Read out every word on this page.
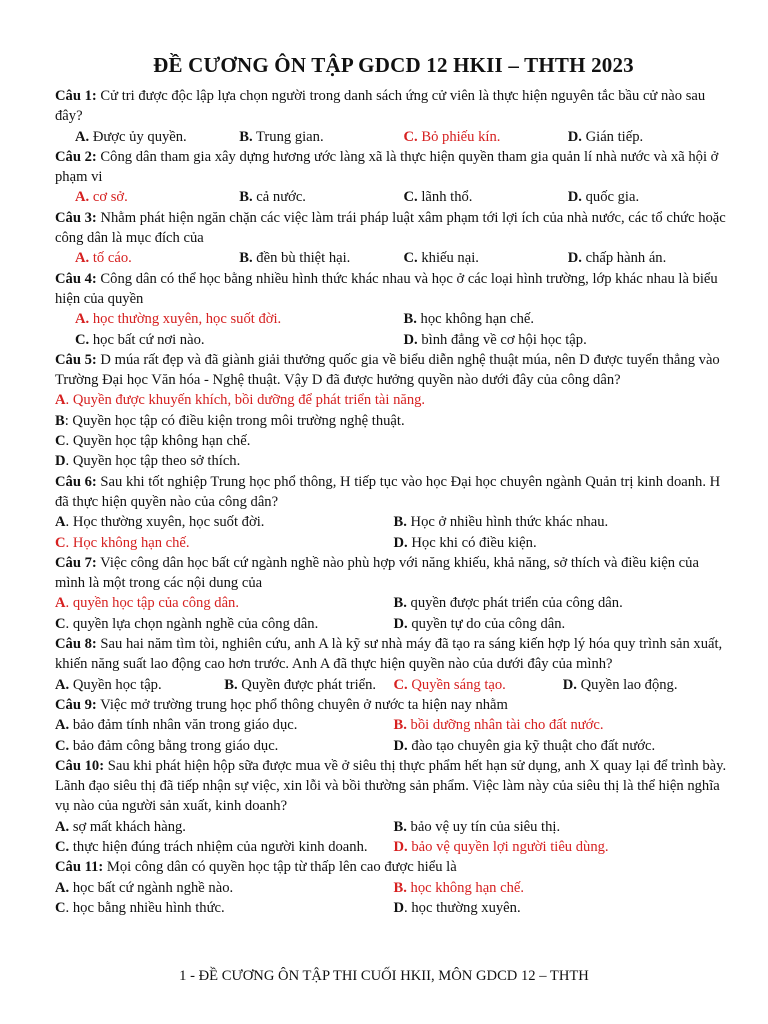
ĐỀ CƯƠNG ÔN TẬP GDCD 12 HKII – THTH 2023

Câu 1: Cử tri được độc lập lựa chọn người trong danh sách ứng cử viên là thực hiện nguyên tắc bầu cử nào sau đây?

A. Được ủy quyền.	B. Trung gian.	C. Bỏ phiếu kín.	D. Gián tiếp.

Câu 2: Công dân tham gia xây dựng hương ước làng xã là thực hiện quyền tham gia quản lí nhà nước và xã hội ở phạm vi

A. cơ sở.	B. cả nước.	C. lãnh thổ.	D. quốc gia.

Câu 3: Nhằm phát hiện ngăn chặn các việc làm trái pháp luật xâm phạm tới lợi ích của nhà nước, các tổ chức hoặc công dân là mục đích của

A. tố cáo.	B. đền bù thiệt hại.	C. khiếu nại.	D. chấp hành án.

Câu 4: Công dân có thể học bằng nhiều hình thức khác nhau và học ở các loại hình trường, lớp khác nhau là biểu hiện của quyền

A. học thường xuyên, học suốt đời.	B. học không hạn chế.
C. học bất cứ nơi nào.	D. bình đẳng về cơ hội học tập.

Câu 5: D múa rất đẹp và đã giành giải thưởng quốc gia về biểu diễn nghệ thuật múa, nên D được tuyển thẳng vào Trường Đại học Văn hóa - Nghệ thuật. Vậy D đã được hưởng quyền nào dưới đây của công dân?

A. Quyền được khuyến khích, bồi dưỡng để phát triển tài năng.
B: Quyền học tập có điều kiện trong môi trường nghệ thuật.
C. Quyền học tập không hạn chế.
D. Quyền học tập theo sở thích.

Câu 6: Sau khi tốt nghiệp Trung học phổ thông, H tiếp tục vào học Đại học chuyên ngành Quản trị kinh doanh. H đã thực hiện quyền nào của công dân?

A. Học thường xuyên, học suốt đời.	B. Học ở nhiều hình thức khác nhau.
C. Học không hạn chế.	D. Học khi có điều kiện.

Câu 7: Việc công dân học bất cứ ngành nghề nào phù hợp với năng khiếu, khả năng, sở thích và điều kiện của mình là một trong các nội dung của

A. quyền học tập của công dân.	B. quyền được phát triển của công dân.
C. quyền lựa chọn ngành nghề của công dân.	D. quyền tự do của công dân.

Câu 8: Sau hai năm tìm tòi, nghiên cứu, anh A là kỹ sư nhà máy đã tạo ra sáng kiến hợp lý hóa quy trình sản xuất, khiến năng suất lao động cao hơn trước. Anh A đã thực hiện quyền nào của dưới đây của mình?

A. Quyền học tập.	B. Quyền được phát triển.	C. Quyền sáng tạo.	D. Quyền lao động.

Câu 9: Việc mở trường trung học phổ thông chuyên ở nước ta hiện nay nhằm

A. bảo đảm tính nhân văn trong giáo dục.	B. bồi dưỡng nhân tài cho đất nước.
C. bảo đảm công bằng trong giáo dục.	D. đào tạo chuyên gia kỹ thuật cho đất nước.

Câu 10: Sau khi phát hiện hộp sữa được mua về ở siêu thị thực phẩm hết hạn sử dụng, anh X quay lại để trình bày. Lãnh đạo siêu thị đã tiếp nhận sự việc, xin lỗi và bồi thường sản phẩm. Việc làm này của siêu thị là thể hiện nghĩa vụ nào của người sản xuất, kinh doanh?

A. sợ mất khách hàng.	B. bảo vệ uy tín của siêu thị.
C. thực hiện đúng trách nhiệm của người kinh doanh.	D. bảo vệ quyền lợi người tiêu dùng.

Câu 11: Mọi công dân có quyền học tập từ thấp lên cao được hiểu là

A. học bất cứ ngành nghề nào.	B. học không hạn chế.
C. học bằng nhiều hình thức.	D. học thường xuyên.
1 - ĐỀ CƯƠNG ÔN TẬP THI CUỐI HKII, MÔN GDCD 12 – THTH
